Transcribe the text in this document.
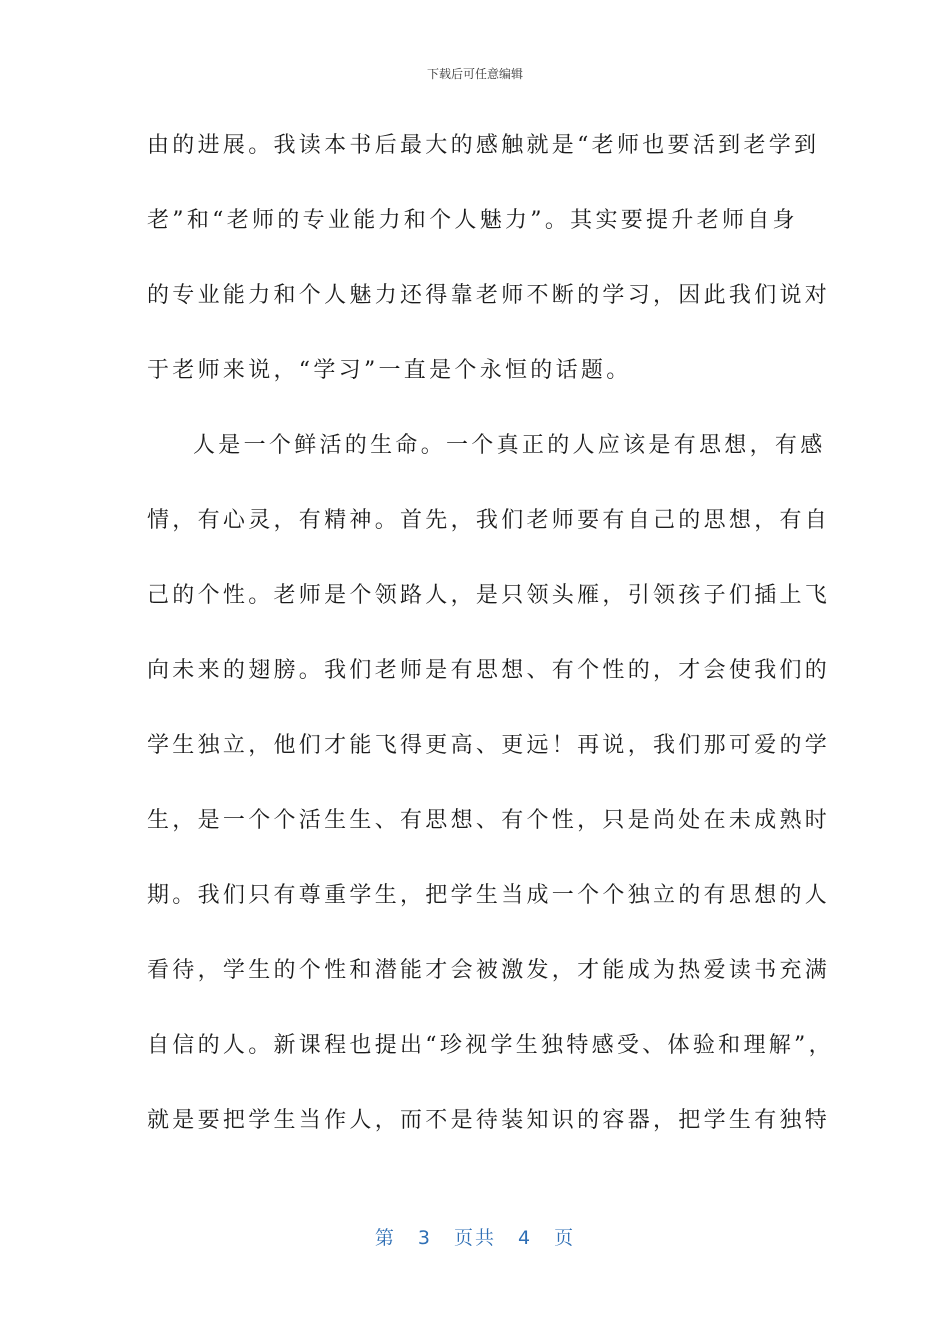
下载后可任意编辑
由的进展。我读本书后最大的感触就是“老师也要活到老学到
老”和“老师的专业能力和个人魅力”。其实要提升老师自身
的专业能力和个人魅力还得靠老师不断的学习，因此我们说对
于老师来说，“学习”一直是个永恒的话题。
人是一个鲜活的生命。一个真正的人应该是有思想，有感
情，有心灵，有精神。首先，我们老师要有自己的思想，有自
己的个性。老师是个领路人，是只领头雁，引领孩子们插上飞
向未来的翅膀。我们老师是有思想、有个性的，才会使我们的
学生独立，他们才能飞得更高、更远！再说，我们那可爱的学
生，是一个个活生生、有思想、有个性，只是尚处在未成熟时
期。我们只有尊重学生，把学生当成一个个独立的有思想的人
看待，学生的个性和潜能才会被激发，才能成为热爱读书充满
自信的人。新课程也提出“珍视学生独特感受、体验和理解”，
就是要把学生当作人，而不是待装知识的容器，把学生有独特
第 3 页共 4 页
